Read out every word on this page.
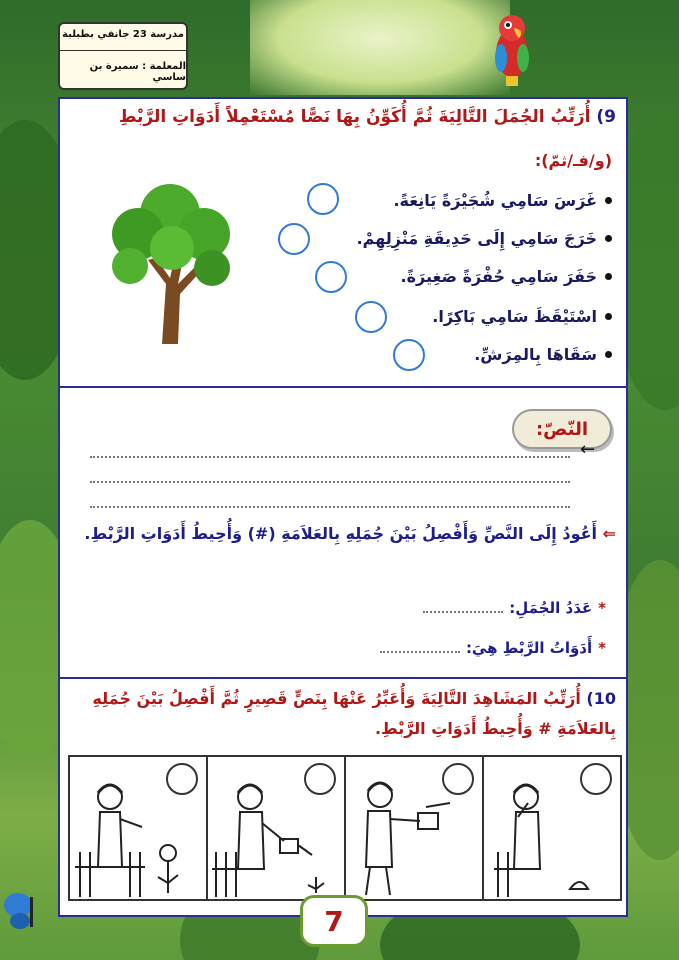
مدرسة 23 جانفي بطبلبة
المعلمة : سميرة بن ساسي
9) أُرَتِّبُ الجُمَلَ التَّالِيَةَ ثُمَّ أُكَوِّنُ بِهَا نَصًّا مُسْتَعْمِلاً أَدَوَاتِ الرَّبْطِ
(و/فـ/ثمّ):
غَرَسَ سَامِي شُجَيْرَةً يَانِعَةً.
خَرَجَ سَامِي إِلَى حَدِيقَةِ مَنْزِلِهِمْ.
حَفَرَ سَامِي حُفْرَةً صَغِيرَةً.
اسْتَيْقَظَ سَامِي بَاكِرًا.
سَقَاهَا بِالمِرَشِّ.
النّصّ:
←
⇐ أَعُودُ إِلَى النَّصِّ وَأَفْصِلُ بَيْنَ جُمَلِهِ بِالعَلاَمَةِ (#) وَأُحِيطُ أَدَوَاتِ الرَّبْطِ.
*
عَدَدُ الجُمَلِ:
*
أَدَوَاتُ الرَّبْطِ هِيَ:
10) أُرَتِّبُ المَشَاهِدَ التَّالِيَةَ وَأُعَبِّرُ عَنْهَا بِنَصٍّ قَصِيرٍ ثُمَّ أَفْصِلُ بَيْنَ جُمَلِهِ بِالعَلاَمَةِ # وَأُحِيطُ أَدَوَاتِ الرَّبْطِ.
7
